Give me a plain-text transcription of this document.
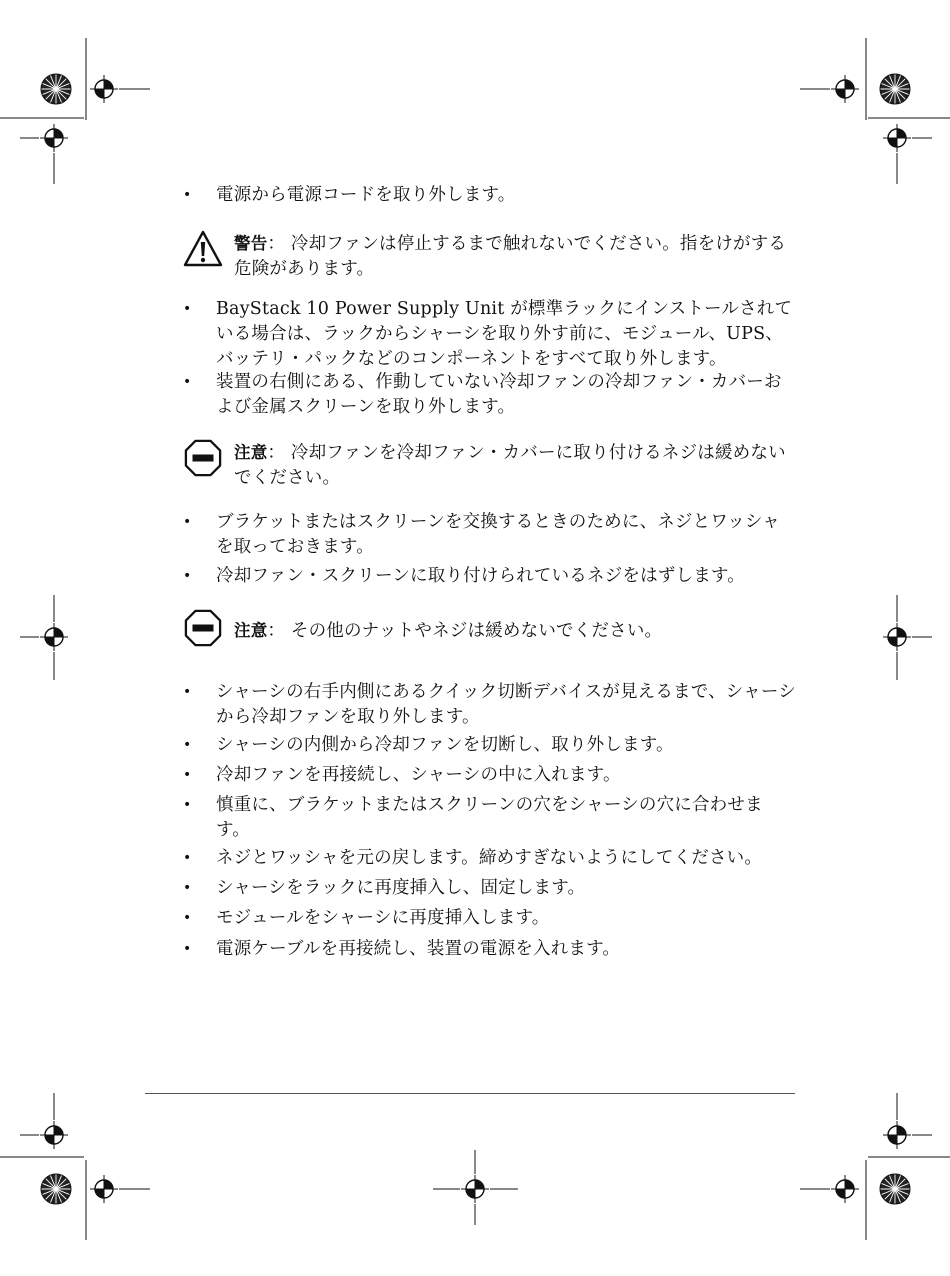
• 電源から電源コードを取り外します。
警告： 冷却ファンは停止するまで触れないでください。指をけがする危険があります。
• BayStack 10 Power Supply Unit が標準ラックにインストールされている場合は、ラックからシャーシを取り外す前に、モジュール、UPS、バッテリ・パックなどのコンポーネントをすべて取り外します。
• 装置の右側にある、作動していない冷却ファンの冷却ファン・カバーおよび金属スクリーンを取り外します。
注意： 冷却ファンを冷却ファン・カバーに取り付けるネジは緩めないでください。
• ブラケットまたはスクリーンを交換するときのために、ネジとワッシャを取っておきます。
• 冷却ファン・スクリーンに取り付けられているネジをはずします。
注意： その他のナットやネジは緩めないでください。
• シャーシの右手内側にあるクイック切断デバイスが見えるまで、シャーシから冷却ファンを取り外します。
• シャーシの内側から冷却ファンを切断し、取り外します。
• 冷却ファンを再接続し、シャーシの中に入れます。
• 慎重に、ブラケットまたはスクリーンの穴をシャーシの穴に合わせます。
• ネジとワッシャを元の戻します。締めすぎないようにしてください。
• シャーシをラックに再度挿入し、固定します。
• モジュールをシャーシに再度挿入します。
• 電源ケーブルを再接続し、装置の電源を入れます。
